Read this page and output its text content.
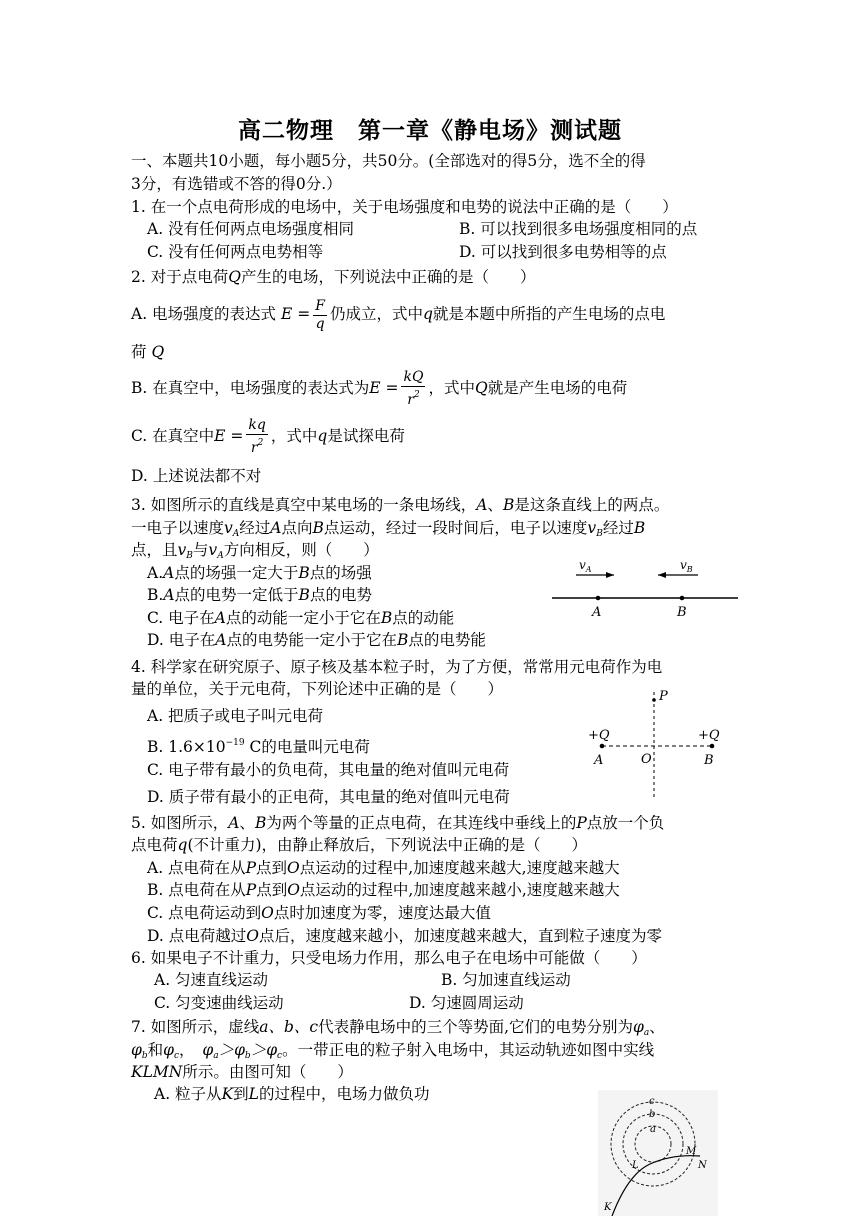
高二物理　第一章《静电场》测试题
一、本题共10小题，每小题5分，共50分。(全部选对的得5分，选不全的得
3分，有选错或不答的得0分.）
1. 在一个点电荷形成的电场中，关于电场强度和电势的说法中正确的是（　　）
A. 没有任何两点电场强度相同	B. 可以找到很多电场强度相同的点
C. 没有任何两点电势相等	D. 可以找到很多电势相等的点
2. 对于点电荷Q产生的电场，下列说法中正确的是（　　）
A. 电场强度的表达式 $E = \frac{F}{q}$ 仍成立，式中q就是本题中所指的产生电场的点电
荷 Q
B. 在真空中，电场强度的表达式为$E = \frac{kQ}{r^2}$ ，式中Q就是产生电场的电荷
C. 在真空中$E = \frac{kq}{r^2}$ ，式中q是试探电荷
D. 上述说法都不对
3. 如图所示的直线是真空中某电场的一条电场线，A、B是这条直线上的两点。
一电子以速度$v_A$经过A点向B点运动，经过一段时间后，电子以速度$v_B$经过B
点，且$v_B$与$v_A$方向相反，则（　　）
A.A点的场强一定大于B点的场强
B.A点的电势一定低于B点的电势
C. 电子在A点的动能一定小于它在B点的动能
D. 电子在A点的电势能一定小于它在B点的电势能
$v_A$	$v_B$
A	B
4. 科学家在研究原子、原子核及基本粒子时，为了方便，常常用元电荷作为电
量的单位，关于元电荷，下列论述中正确的是（　　）
A. 把质子或电子叫元电荷
B. $1.6\times 10^{-19}$ C的电量叫元电荷
C. 电子带有最小的负电荷，其电量的绝对值叫元电荷
D. 质子带有最小的正电荷，其电量的绝对值叫元电荷
P
+Q	+Q
A	O	B
5. 如图所示，A、B为两个等量的正点电荷，在其连线中垂线上的P点放一个负
点电荷q(不计重力)，由静止释放后，下列说法中正确的是（　　）
A. 点电荷在从P点到O点运动的过程中,加速度越来越大,速度越来越大
B. 点电荷在从P点到O点运动的过程中,加速度越来越小,速度越来越大
C. 点电荷运动到O点时加速度为零，速度达最大值
D. 点电荷越过O点后，速度越来越小，加速度越来越大，直到粒子速度为零
6. 如果电子不计重力，只受电场力作用，那么电子在电场中可能做（　　）
A. 匀速直线运动	B. 匀加速直线运动
C. 匀变速曲线运动	D. 匀速圆周运动
7. 如图所示，虚线a、b、c代表静电场中的三个等势面,它们的电势分别为$\varphi_a$、
$\varphi_b$和$\varphi_c$，　 $\varphi_a>\varphi_b>\varphi_c$。一带正电的粒子射入电场中，其运动轨迹如图中实线
KLMN所示。由图可知（　　）
A. 粒子从K到L的过程中，电场力做负功	c
b
a
L
M
N
K
